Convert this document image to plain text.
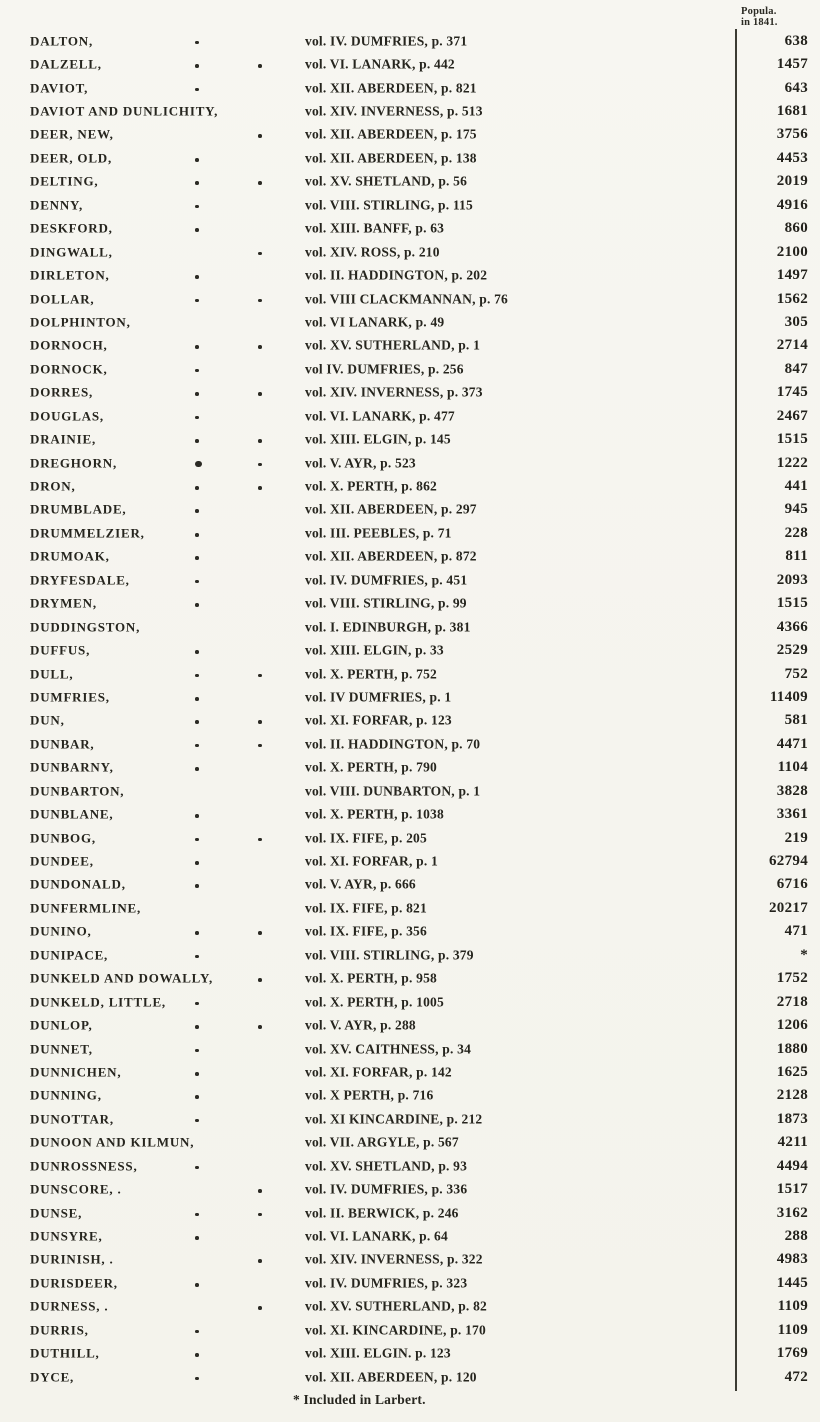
Popula.
in 1841.
DALTON,	vol. IV. DUMFRIES, p. 371	638
DALZELL,	vol. VI. LANARK, p. 442	1457
DAVIOT,	vol. XII. ABERDEEN, p. 821	643
DAVIOT AND DUNLICHITY,	vol. XIV. INVERNESS, p. 513	1681
DEER, NEW,	vol. XII. ABERDEEN, p. 175	3756
DEER, OLD,	vol. XII. ABERDEEN, p. 138	4453
DELTING,	vol. XV. SHETLAND, p. 56	2019
DENNY,	vol. VIII. STIRLING, p. 115	4916
DESKFORD,	vol. XIII. BANFF, p. 63	860
DINGWALL,	vol. XIV. ROSS, p. 210	2100
DIRLETON,	vol. II. HADDINGTON, p. 202	1497
DOLLAR,	vol. VIII CLACKMANNAN, p. 76	1562
DOLPHINTON,	vol. VI LANARK, p. 49	305
DORNOCH,	vol. XV. SUTHERLAND, p. 1	2714
DORNOCK,	vol IV. DUMFRIES, p. 256	847
DORRES,	vol. XIV. INVERNESS, p. 373	1745
DOUGLAS,	vol. VI. LANARK, p. 477	2467
DRAINIE,	vol. XIII. ELGIN, p. 145	1515
DREGHORN,	vol. V. AYR, p. 523	1222
DRON,	vol. X. PERTH, p. 862	441
DRUMBLADE,	vol. XII. ABERDEEN, p. 297	945
DRUMMELZIER,	vol. III. PEEBLES, p. 71	228
DRUMOAK,	vol. XII. ABERDEEN, p. 872	811
DRYFESDALE,	vol. IV. DUMFRIES, p. 451	2093
DRYMEN,	vol. VIII. STIRLING, p. 99	1515
DUDDINGSTON,	vol. I. EDINBURGH, p. 381	4366
DUFFUS,	vol. XIII. ELGIN, p. 33	2529
DULL,	vol. X. PERTH, p. 752	752
DUMFRIES,	vol. IV DUMFRIES, p. 1	11409
DUN,	vol. XI. FORFAR, p. 123	581
DUNBAR,	vol. II. HADDINGTON, p. 70	4471
DUNBARNY,	vol. X. PERTH, p. 790	1104
DUNBARTON,	vol. VIII. DUNBARTON, p. 1	3828
DUNBLANE,	vol. X. PERTH, p. 1038	3361
DUNBOG,	vol. IX. FIFE, p. 205	219
DUNDEE,	vol. XI. FORFAR, p. 1	62794
DUNDONALD,	vol. V. AYR, p. 666	6716
DUNFERMLINE,	vol. IX. FIFE, p. 821	20217
DUNINO,	vol. IX. FIFE, p. 356	471
DUNIPACE,	vol. VIII. STIRLING, p. 379	*
DUNKELD AND DOWALLY,	vol. X. PERTH, p. 958	1752
DUNKELD, LITTLE,	vol. X. PERTH, p. 1005	2718
DUNLOP,	vol. V. AYR, p. 288	1206
DUNNET,	vol. XV. CAITHNESS, p. 34	1880
DUNNICHEN,	vol. XI. FORFAR, p. 142	1625
DUNNING,	vol. X PERTH, p. 716	2128
DUNOTTAR,	vol. XI KINCARDINE, p. 212	1873
DUNOON AND KILMUN,	vol. VII. ARGYLE, p. 567	4211
DUNROSSNESS,	vol. XV. SHETLAND, p. 93	4494
DUNSCORE, .	vol. IV. DUMFRIES, p. 336	1517
DUNSE,	vol. II. BERWICK, p. 246	3162
DUNSYRE,	vol. VI. LANARK, p. 64	288
DURINISH, .	vol. XIV. INVERNESS, p. 322	4983
DURISDEER,	vol. IV. DUMFRIES, p. 323	1445
DURNESS, .	vol. XV. SUTHERLAND, p. 82	1109
DURRIS,	vol. XI. KINCARDINE, p. 170	1109
DUTHILL,	vol. XIII. ELGIN. p. 123	1769
DYCE,	vol. XII. ABERDEEN, p. 120	472
* Included in Larbert.
